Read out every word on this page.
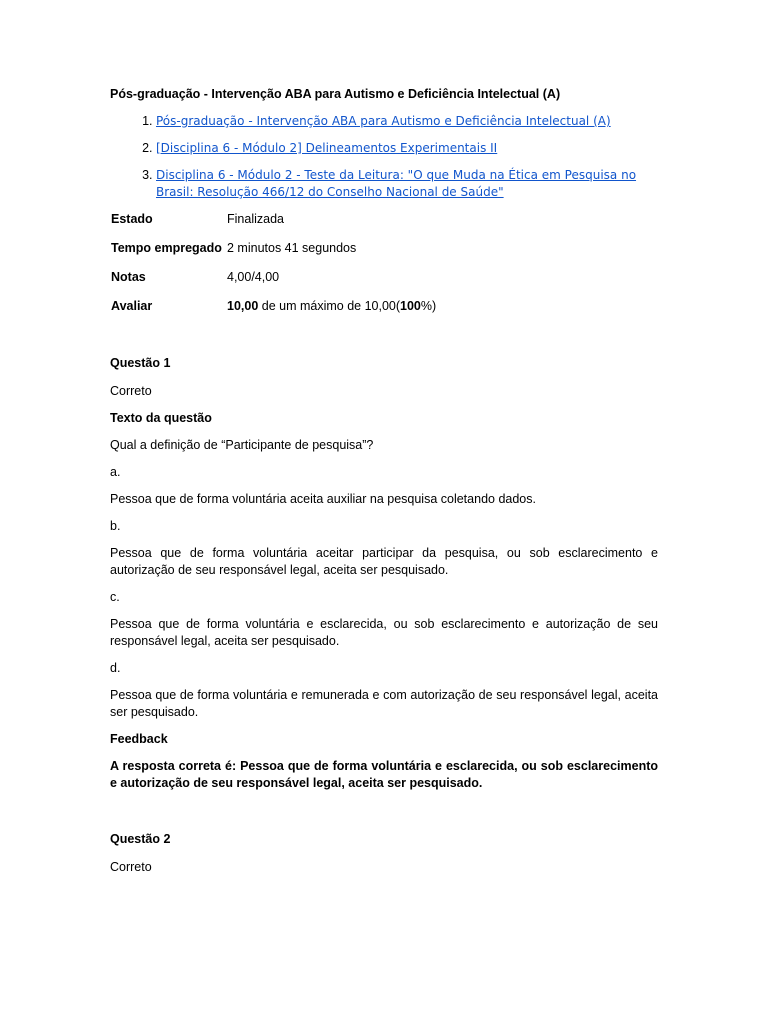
Pós-graduação - Intervenção ABA para Autismo e Deficiência Intelectual (A)
1. Pós-graduação - Intervenção ABA para Autismo e Deficiência Intelectual (A)
2. [Disciplina 6 - Módulo 2] Delineamentos Experimentais II
3. Disciplina 6 - Módulo 2 - Teste da Leitura: "O que Muda na Ética em Pesquisa no Brasil: Resolução 466/12 do Conselho Nacional de Saúde"
Estado	Finalizada
Tempo empregado	2 minutos 41 segundos
Notas	4,00/4,00
Avaliar	10,00 de um máximo de 10,00(100%)
Questão 1

Correto

Texto da questão

Qual a definição de “Participante de pesquisa”?

a.

Pessoa que de forma voluntária aceita auxiliar na pesquisa coletando dados.

b.

Pessoa que de forma voluntária aceitar participar da pesquisa, ou sob esclarecimento e autorização de seu responsável legal, aceita ser pesquisado.

c.

Pessoa que de forma voluntária e esclarecida, ou sob esclarecimento e autorização de seu responsável legal, aceita ser pesquisado.

d.

Pessoa que de forma voluntária e remunerada e com autorização de seu responsável legal, aceita ser pesquisado.

Feedback

A resposta correta é: Pessoa que de forma voluntária e esclarecida, ou sob esclarecimento e autorização de seu responsável legal, aceita ser pesquisado.

Questão 2

Correto
